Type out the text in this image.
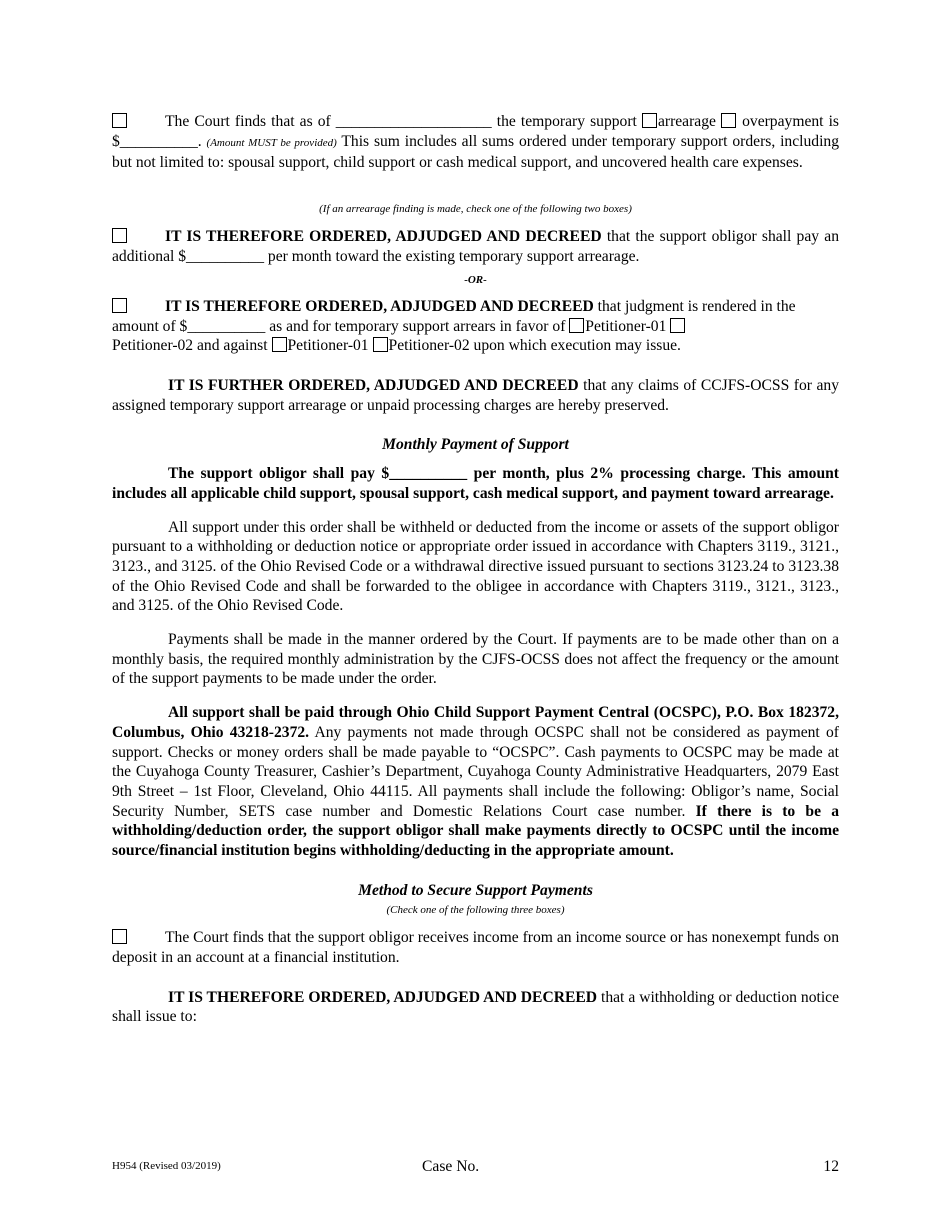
The Court finds that as of ____________________ the temporary support arrearage overpayment is $__________. (Amount MUST be provided) This sum includes all sums ordered under temporary support orders, including but not limited to: spousal support, child support or cash medical support, and uncovered health care expenses.

(If an arrearage finding is made, check one of the following two boxes)

IT IS THEREFORE ORDERED, ADJUDGED AND DECREED that the support obligor shall pay an additional $__________ per month toward the existing temporary support arrearage.

-OR-

IT IS THEREFORE ORDERED, ADJUDGED AND DECREED that judgment is rendered in the amount of $__________ as and for temporary support arrears in favor of Petitioner-01
Petitioner-02 and against Petitioner-01 Petitioner-02 upon which execution may issue.

IT IS FURTHER ORDERED, ADJUDGED AND DECREED that any claims of CCJFS-OCSS for any assigned temporary support arrearage or unpaid processing charges are hereby preserved.

Monthly Payment of Support

The support obligor shall pay $__________ per month, plus 2% processing charge. This amount includes all applicable child support, spousal support, cash medical support, and payment toward arrearage.

All support under this order shall be withheld or deducted from the income or assets of the support obligor pursuant to a withholding or deduction notice or appropriate order issued in accordance with Chapters 3119., 3121., 3123., and 3125. of the Ohio Revised Code or a withdrawal directive issued pursuant to sections 3123.24 to 3123.38 of the Ohio Revised Code and shall be forwarded to the obligee in accordance with Chapters 3119., 3121., 3123., and 3125. of the Ohio Revised Code.

Payments shall be made in the manner ordered by the Court. If payments are to be made other than on a monthly basis, the required monthly administration by the CJFS-OCSS does not affect the frequency or the amount of the support payments to be made under the order.

All support shall be paid through Ohio Child Support Payment Central (OCSPC), P.O. Box 182372, Columbus, Ohio 43218-2372. Any payments not made through OCSPC shall not be considered as payment of support. Checks or money orders shall be made payable to “OCSPC”. Cash payments to OCSPC may be made at the Cuyahoga County Treasurer, Cashier’s Department, Cuyahoga County Administrative Headquarters, 2079 East 9th Street – 1st Floor, Cleveland, Ohio 44115. All payments shall include the following: Obligor’s name, Social Security Number, SETS case number and Domestic Relations Court case number. If there is to be a withholding/deduction order, the support obligor shall make payments directly to OCSPC until the income source/financial institution begins withholding/deducting in the appropriate amount.

Method to Secure Support Payments

(Check one of the following three boxes)

The Court finds that the support obligor receives income from an income source or has nonexempt funds on deposit in an account at a financial institution.

IT IS THEREFORE ORDERED, ADJUDGED AND DECREED that a withholding or deduction notice shall issue to:

H954 (Revised 03/2019)	Case No.	12
